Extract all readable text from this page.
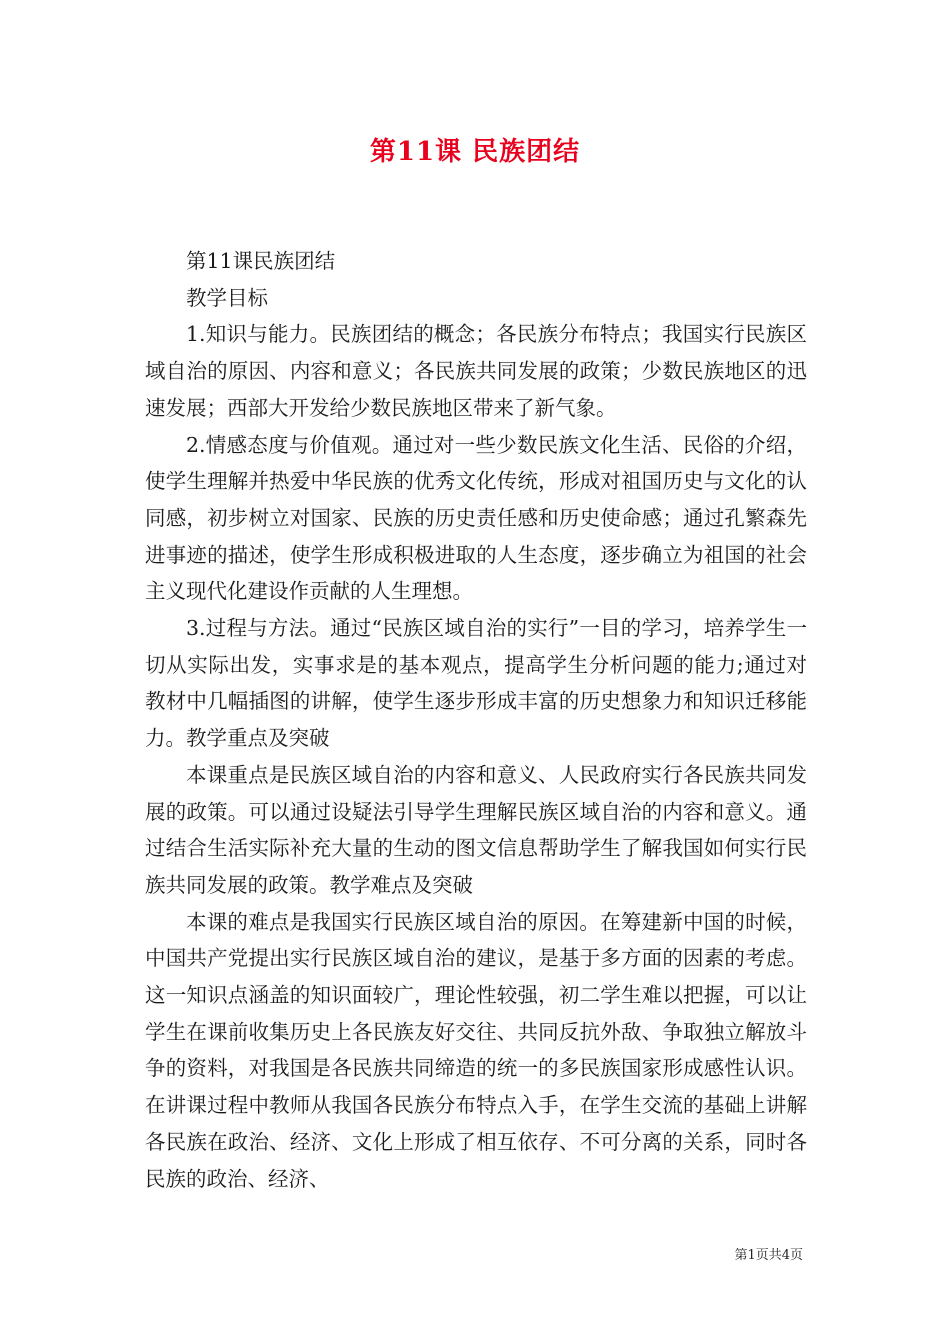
第11课 民族团结

第11课民族团结

教学目标

1.知识与能力。民族团结的概念；各民族分布特点；我国实行民族区域自治的原因、内容和意义；各民族共同发展的政策；少数民族地区的迅速发展；西部大开发给少数民族地区带来了新气象。

2.情感态度与价值观。通过对一些少数民族文化生活、民俗的介绍，使学生理解并热爱中华民族的优秀文化传统，形成对祖国历史与文化的认同感，初步树立对国家、民族的历史责任感和历史使命感；通过孔繁森先进事迹的描述，使学生形成积极进取的人生态度，逐步确立为祖国的社会主义现代化建设作贡献的人生理想。

3.过程与方法。通过“民族区域自治的实行”一目的学习，培养学生一切从实际出发，实事求是的基本观点，提高学生分析问题的能力;通过对教材中几幅插图的讲解，使学生逐步形成丰富的历史想象力和知识迁移能力。教学重点及突破

本课重点是民族区域自治的内容和意义、人民政府实行各民族共同发展的政策。可以通过设疑法引导学生理解民族区域自治的内容和意义。通过结合生活实际补充大量的生动的图文信息帮助学生了解我国如何实行民族共同发展的政策。教学难点及突破

本课的难点是我国实行民族区域自治的原因。在筹建新中国的时候，中国共产党提出实行民族区域自治的建议，是基于多方面的因素的考虑。这一知识点涵盖的知识面较广，理论性较强，初二学生难以把握，可以让学生在课前收集历史上各民族友好交往、共同反抗外敌、争取独立解放斗争的资料，对我国是各民族共同缔造的统一的多民族国家形成感性认识。在讲课过程中教师从我国各民族分布特点入手，在学生交流的基础上讲解各民族在政治、经济、文化上形成了相互依存、不可分离的关系，同时各民族的政治、经济、

第1页共4页
